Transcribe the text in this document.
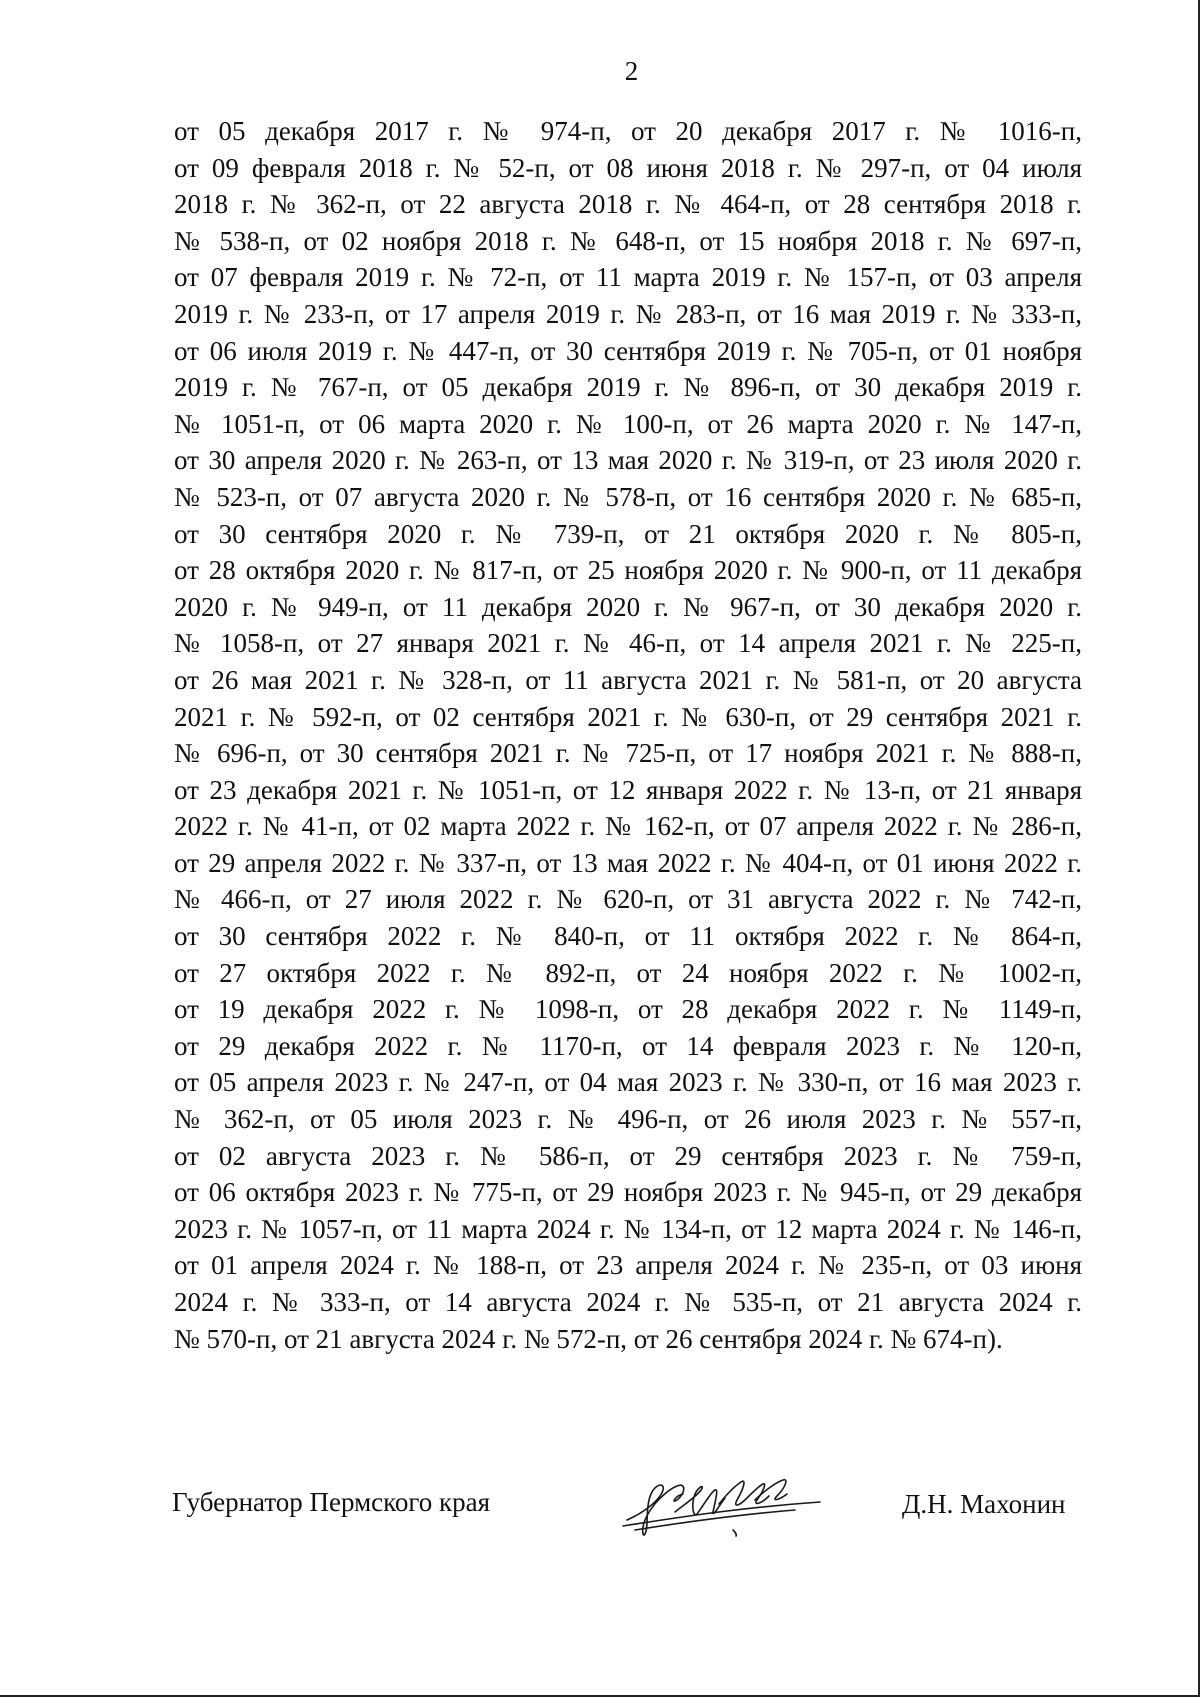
2
от 05 декабря 2017 г. № 974-п, от 20 декабря 2017 г. № 1016-п,
от 09 февраля 2018 г. № 52-п, от 08 июня 2018 г. № 297-п, от 04 июля
2018 г. № 362-п, от 22 августа 2018 г. № 464-п, от 28 сентября 2018 г.
№ 538-п, от 02 ноября 2018 г. № 648-п, от 15 ноября 2018 г. № 697-п,
от 07 февраля 2019 г. № 72-п, от 11 марта 2019 г. № 157-п, от 03 апреля
2019 г. № 233-п, от 17 апреля 2019 г. № 283-п, от 16 мая 2019 г. № 333-п,
от 06 июля 2019 г. № 447-п, от 30 сентября 2019 г. № 705-п, от 01 ноября
2019 г. № 767-п, от 05 декабря 2019 г. № 896-п, от 30 декабря 2019 г.
№ 1051-п, от 06 марта 2020 г. № 100-п, от 26 марта 2020 г. № 147-п,
от 30 апреля 2020 г. № 263-п, от 13 мая 2020 г. № 319-п, от 23 июля 2020 г.
№ 523-п, от 07 августа 2020 г. № 578-п, от 16 сентября 2020 г. № 685-п,
от 30 сентября 2020 г. № 739-п, от 21 октября 2020 г. № 805-п,
от 28 октября 2020 г. № 817-п, от 25 ноября 2020 г. № 900-п, от 11 декабря
2020 г. № 949-п, от 11 декабря 2020 г. № 967-п, от 30 декабря 2020 г.
№ 1058-п, от 27 января 2021 г. № 46-п, от 14 апреля 2021 г. № 225-п,
от 26 мая 2021 г. № 328-п, от 11 августа 2021 г. № 581-п, от 20 августа
2021 г. № 592-п, от 02 сентября 2021 г. № 630-п, от 29 сентября 2021 г.
№ 696-п, от 30 сентября 2021 г. № 725-п, от 17 ноября 2021 г. № 888-п,
от 23 декабря 2021 г. № 1051-п, от 12 января 2022 г. № 13-п, от 21 января
2022 г. № 41-п, от 02 марта 2022 г. № 162-п, от 07 апреля 2022 г. № 286-п,
от 29 апреля 2022 г. № 337-п, от 13 мая 2022 г. № 404-п, от 01 июня 2022 г.
№ 466-п, от 27 июля 2022 г. № 620-п, от 31 августа 2022 г. № 742-п,
от 30 сентября 2022 г. № 840-п, от 11 октября 2022 г. № 864-п,
от 27 октября 2022 г. № 892-п, от 24 ноября 2022 г. № 1002-п,
от 19 декабря 2022 г. № 1098-п, от 28 декабря 2022 г. № 1149-п,
от 29 декабря 2022 г. № 1170-п, от 14 февраля 2023 г. № 120-п,
от 05 апреля 2023 г. № 247-п, от 04 мая 2023 г. № 330-п, от 16 мая 2023 г.
№ 362-п, от 05 июля 2023 г. № 496-п, от 26 июля 2023 г. № 557-п,
от 02 августа 2023 г. № 586-п, от 29 сентября 2023 г. № 759-п,
от 06 октября 2023 г. № 775-п, от 29 ноября 2023 г. № 945-п, от 29 декабря
2023 г. № 1057-п, от 11 марта 2024 г. № 134-п, от 12 марта 2024 г. № 146-п,
от 01 апреля 2024 г. № 188-п, от 23 апреля 2024 г. № 235-п, от 03 июня
2024 г. № 333-п, от 14 августа 2024 г. № 535-п, от 21 августа 2024 г.
№ 570-п, от 21 августа 2024 г. № 572-п, от 26 сентября 2024 г. № 674-п).
Губернатор Пермского края	Д.Н. Махонин
